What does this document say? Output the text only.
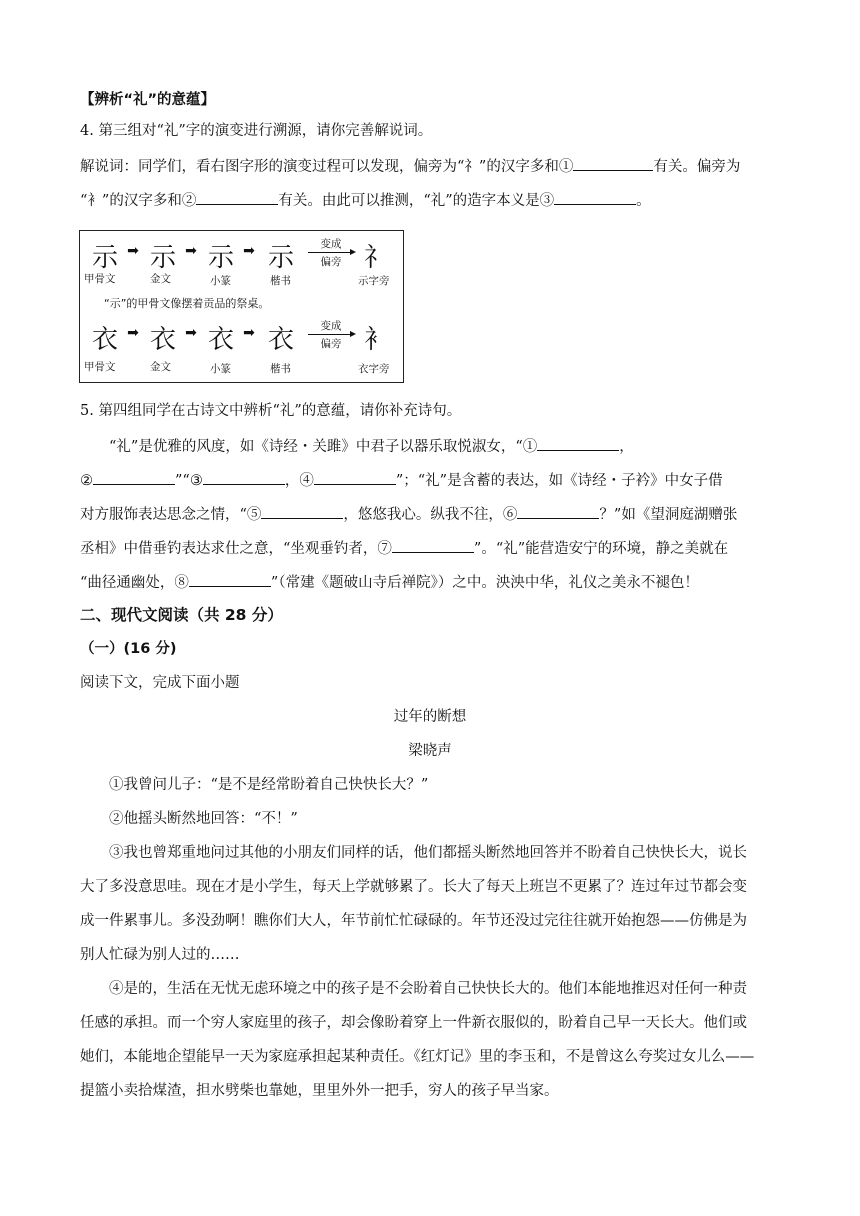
【辨析“礼”的意蕴】
4. 第三组对“礼”字的演变进行溯源，请你完善解说词。
解说词：同学们，看右图字形的演变过程可以发现，偏旁为“礻”的汉字多和①	有关。偏旁为
“衤”的汉字多和②	有关。由此可以推测，“礼”的造字本义是③	。
示 ➡ 示 ➡ 示 ➡ 示	变成
偏旁 礻
甲骨文	金文	小篆	楷书	示字旁
“示”的甲骨文像摆着贡品的祭桌。
衣 ➡ 衣 ➡ 衣 ➡ 衣	变成
偏旁 衤
甲骨文	金文	小篆	楷书	衣字旁
5. 第四组同学在古诗文中辨析“礼”的意蕴，请你补充诗句。
“礼”是优雅的风度，如《诗经・关雎》中君子以器乐取悦淑女，“①	，
②	”“③	，④	”；“礼”是含蓄的表达，如《诗经・子衿》中女子借
对方服饰表达思念之情，“⑤	，悠悠我心。纵我不往，⑥	？”如《望洞庭湖赠张
丞相》中借垂钓表达求仕之意，“坐观垂钓者，⑦	”。“礼”能营造安宁的环境，静之美就在
“曲径通幽处，⑧	”（常建《题破山寺后禅院》）之中。泱泱中华，礼仪之美永不褪色！
二、现代文阅读（共 28 分）
（一）(16 分)
阅读下文，完成下面小题
过年的断想
梁晓声
①我曾问儿子：“是不是经常盼着自己快快长大？”
②他摇头断然地回答：“不！”
③我也曾郑重地问过其他的小朋友们同样的话，他们都摇头断然地回答并不盼着自己快快长大，说长
大了多没意思哇。现在才是小学生，每天上学就够累了。长大了每天上班岂不更累了？连过年过节都会变
成一件累事儿。多没劲啊！瞧你们大人，年节前忙忙碌碌的。年节还没过完往往就开始抱怨——仿佛是为
别人忙碌为别人过的……
④是的，生活在无忧无虑环境之中的孩子是不会盼着自己快快长大的。他们本能地推迟对任何一种责
任感的承担。而一个穷人家庭里的孩子，却会像盼着穿上一件新衣服似的，盼着自己早一天长大。他们或
她们，本能地企望能早一天为家庭承担起某种责任。《红灯记》里的李玉和，不是曾这么夸奖过女儿么——
提篮小卖拾煤渣，担水劈柴也靠她，里里外外一把手，穷人的孩子早当家。
